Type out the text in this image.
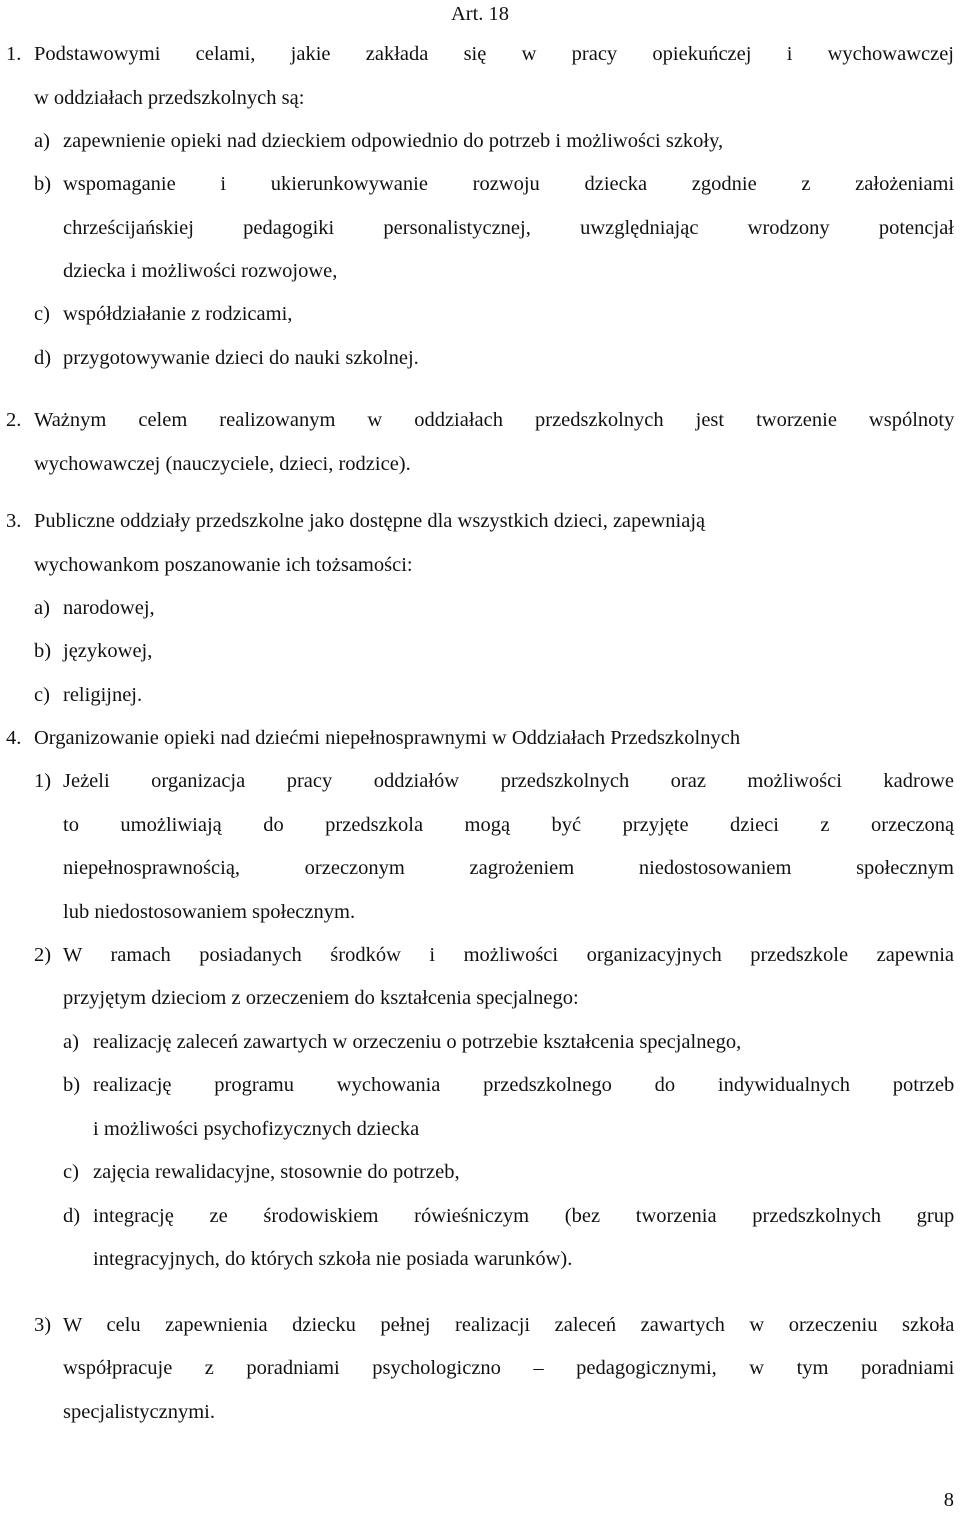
Art. 18
1. Podstawowymi celami, jakie zakłada się w pracy opiekuńczej i wychowawczej
w oddziałach przedszkolnych są:
a) zapewnienie opieki nad dzieckiem odpowiednio do potrzeb i możliwości szkoły,
b) wspomaganie i ukierunkowywanie rozwoju dziecka zgodnie z założeniami
chrześcijańskiej pedagogiki personalistycznej, uwzględniając wrodzony potencjał
dziecka i możliwości rozwojowe,
c) współdziałanie z rodzicami,
d) przygotowywanie dzieci do nauki szkolnej.
2. Ważnym celem realizowanym w oddziałach przedszkolnych jest tworzenie wspólnoty
wychowawczej (nauczyciele, dzieci, rodzice).
3. Publiczne oddziały przedszkolne jako dostępne dla wszystkich dzieci, zapewniają
wychowankom poszanowanie ich tożsamości:
a) narodowej,
b) językowej,
c) religijnej.
4. Organizowanie opieki nad dziećmi niepełnosprawnymi w Oddziałach Przedszkolnych
1) Jeżeli organizacja pracy oddziałów przedszkolnych oraz możliwości kadrowe
to umożliwiają do przedszkola mogą być przyjęte dzieci z orzeczoną
niepełnosprawnością, orzeczonym zagrożeniem niedostosowaniem społecznym
lub niedostosowaniem społecznym.
2) W ramach posiadanych środków i możliwości organizacyjnych przedszkole zapewnia
przyjętym dzieciom z orzeczeniem do kształcenia specjalnego:
a) realizację zaleceń zawartych w orzeczeniu o potrzebie kształcenia specjalnego,
b) realizację programu wychowania przedszkolnego do indywidualnych potrzeb
i możliwości psychofizycznych dziecka
c) zajęcia rewalidacyjne, stosownie do potrzeb,
d) integrację ze środowiskiem rówieśniczym (bez tworzenia przedszkolnych grup
integracyjnych, do których szkoła nie posiada warunków).
3) W celu zapewnienia dziecku pełnej realizacji zaleceń zawartych w orzeczeniu szkoła
współpracuje z poradniami psychologiczno – pedagogicznymi, w tym poradniami
specjalistycznymi.
8
